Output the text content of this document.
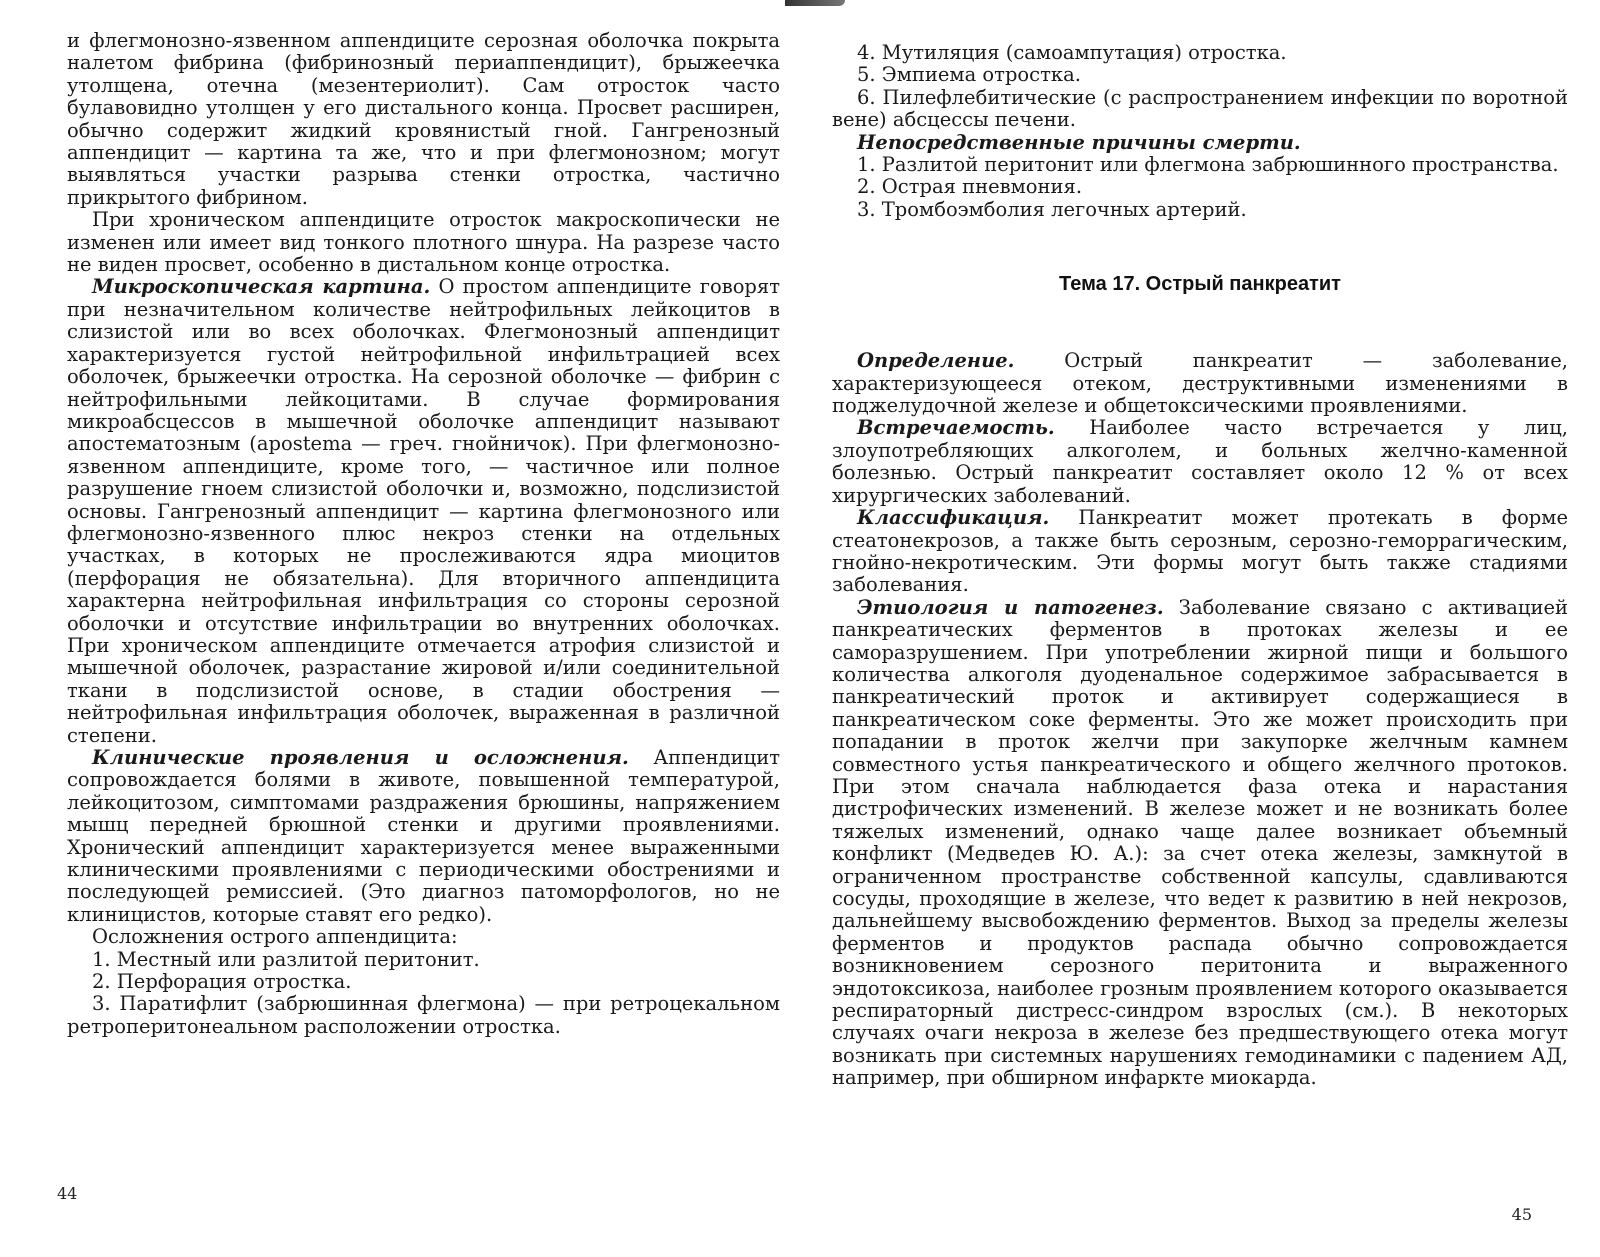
и флегмонозно-язвенном аппендиците серозная оболочка покрыта налетом фибрина (фибринозный периаппендицит), брыжеечка утолщена, отечна (мезентериолит). Сам отросток часто булавовидно утолщен у его дистального конца. Просвет расширен, обычно содержит жидкий кровянистый гной. Гангренозный аппендицит — картина та же, что и при флегмонозном; могут выявляться участки разрыва стенки отростка, частично прикрытого фибрином.

При хроническом аппендиците отросток макроскопически не изменен или имеет вид тонкого плотного шнура. На разрезе часто не виден просвет, особенно в дистальном конце отростка.

Микроскопическая картина. О простом аппендиците говорят при незначительном количестве нейтрофильных лейкоцитов в слизистой или во всех оболочках. Флегмонозный аппендицит характеризуется густой нейтрофильной инфильтрацией всех оболочек, брыжеечки отростка. На серозной оболочке — фибрин с нейтрофильными лейкоцитами. В случае формирования микроабсцессов в мышечной оболочке аппендицит называют апостематозным (apostema — греч. гнойничок). При флегмонозно-язвенном аппендиците, кроме того, — частичное или полное разрушение гноем слизистой оболочки и, возможно, подслизистой основы. Гангренозный аппендицит — картина флегмонозного или флегмонозно-язвенного плюс некроз стенки на отдельных участках, в которых не прослеживаются ядра миоцитов (перфорация не обязательна). Для вторичного аппендицита характерна нейтрофильная инфильтрация со стороны серозной оболочки и отсутствие инфильтрации во внутренних оболочках. При хроническом аппендиците отмечается атрофия слизистой и мышечной оболочек, разрастание жировой и/или соединительной ткани в подслизистой основе, в стадии обострения — нейтрофильная инфильтрация оболочек, выраженная в различной степени.

Клинические проявления и осложнения. Аппендицит сопровождается болями в животе, повышенной температурой, лейкоцитозом, симптомами раздражения брюшины, напряжением мышц передней брюшной стенки и другими проявлениями. Хронический аппендицит характеризуется менее выраженными клиническими проявлениями с периодическими обострениями и последующей ремиссией. (Это диагноз патоморфологов, но не клиницистов, которые ставят его редко).

Осложнения острого аппендицита:

1. Местный или разлитой перитонит.

2. Перфорация отростка.

3. Паратифлит (забрюшинная флегмона) — при ретроцекальном ретроперитонеальном расположении отростка.

4. Мутиляция (самоампутация) отростка.

5. Эмпиема отростка.

6. Пилефлебитические (с распространением инфекции по воротной вене) абсцессы печени.

Непосредственные причины смерти.

1. Разлитой перитонит или флегмона забрюшинного пространства.

2. Острая пневмония.

3. Тромбоэмболия легочных артерий.

Тема 17. Острый панкреатит

Определение. Острый панкреатит — заболевание, характеризующееся отеком, деструктивными изменениями в поджелудочной железе и общетоксическими проявлениями.

Встречаемость. Наиболее часто встречается у лиц, злоупотребляющих алкоголем, и больных желчно-каменной болезнью. Острый панкреатит составляет около 12 % от всех хирургических заболеваний.

Классификация. Панкреатит может протекать в форме стеатонекрозов, а также быть серозным, серозно-геморрагическим, гнойно-некротическим. Эти формы могут быть также стадиями заболевания.

Этиология и патогенез. Заболевание связано с активацией панкреатических ферментов в протоках железы и ее саморазрушением. При употреблении жирной пищи и большого количества алкоголя дуоденальное содержимое забрасывается в панкреатический проток и активирует содержащиеся в панкреатическом соке ферменты. Это же может происходить при попадании в проток желчи при закупорке желчным камнем совместного устья панкреатического и общего желчного протоков. При этом сначала наблюдается фаза отека и нарастания дистрофических изменений. В железе может и не возникать более тяжелых изменений, однако чаще далее возникает объемный конфликт (Медведев Ю. А.): за счет отека железы, замкнутой в ограниченном пространстве собственной капсулы, сдавливаются сосуды, проходящие в железе, что ведет к развитию в ней некрозов, дальнейшему высвобождению ферментов. Выход за пределы железы ферментов и продуктов распада обычно сопровождается возникновением серозного перитонита и выраженного эндотоксикоза, наиболее грозным проявлением которого оказывается респираторный дистресс-синдром взрослых (см.). В некоторых случаях очаги некроза в железе без предшествующего отека могут возникать при системных нарушениях гемодинамики с падением АД, например, при обширном инфаркте миокарда.

44
45
